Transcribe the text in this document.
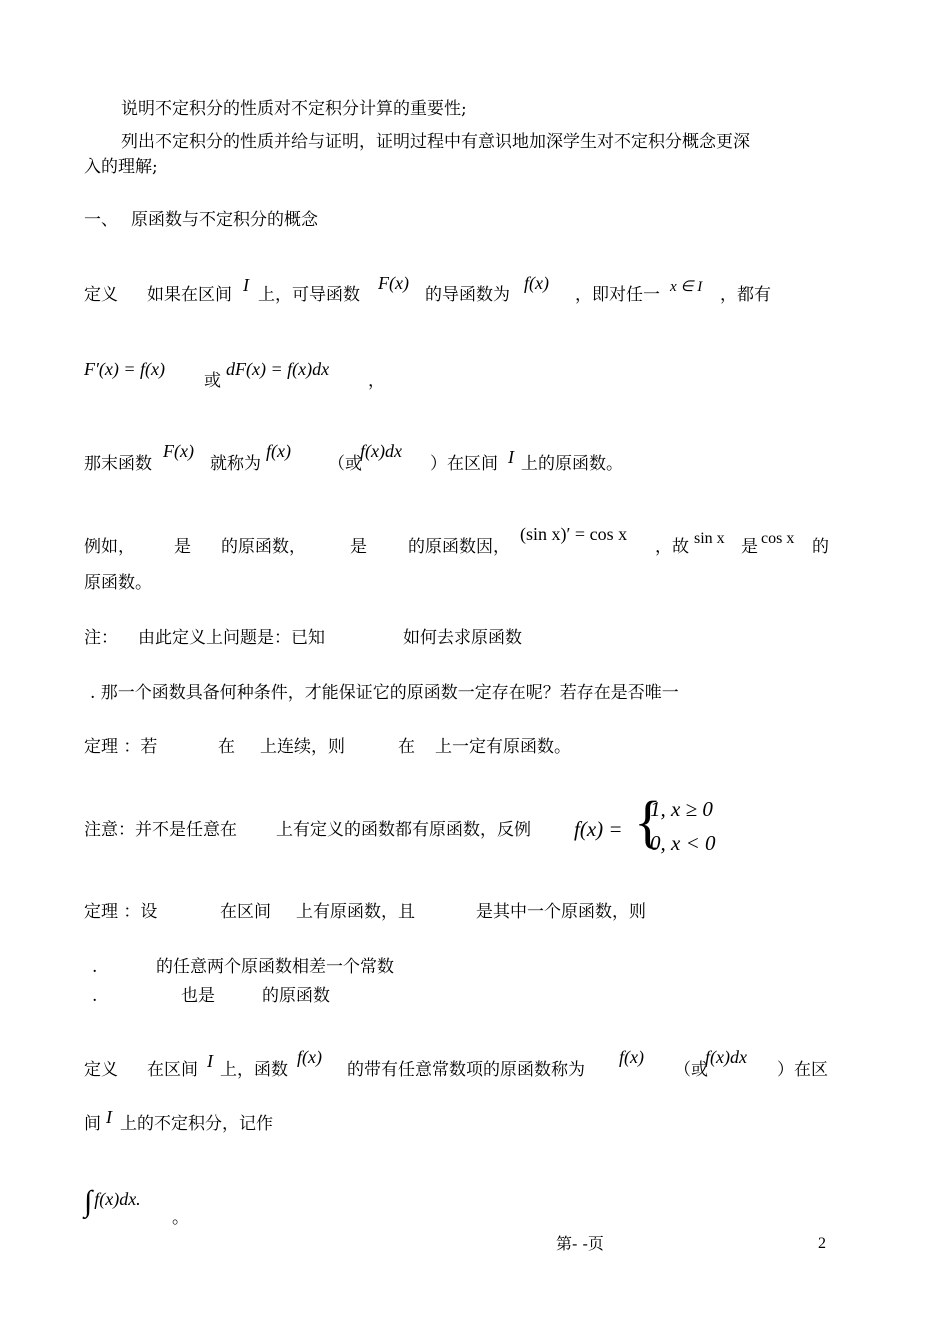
说明不定积分的性质对不定积分计算的重要性;
列出不定积分的性质并给与证明，证明过程中有意识地加深学生对不定积分概念更深
入的理解;
一、 原函数与不定积分的概念
定义 如果在区间 I 上，可导函数
F(x)
的导函数为
f(x)
，即对任一 x ∈ I ，都有
F′(x) = f(x)
或
dF(x) = f(x)dx
，
那末函数
F(x)
就称为
f(x)
（或
f(x)dx
）在区间 I 上的原函数。
例如， 是 的原函数，	是 的原函数因，
(sin x)′ = cos x
，故 sin x 是 cos x 的
原函数。
注： 由此定义上问题是：已知	如何去求原函数
. 那一个函数具备何种条件，才能保证它的原函数一定存在呢？若存在是否唯一
定理 ：若	在 上连续，则	在 上一定有原函数。
注意：并不是任意在 上有定义的函数都有原函数，反例 f(x) = {
1, x ≥ 0
0, x < 0
定理 ：设	在区间 上有原函数，且	是其中一个原函数，则
.	的任意两个原函数相差一个常数
.	也是	的原函数
定义 在区间 I 上，函数
f(x)
的带有任意常数项的原函数称为
f(x)
（或
f(x)dx
）在区
间 I 上的不定积分，记作
∫ f(x)dx.
。
第- -页	2
